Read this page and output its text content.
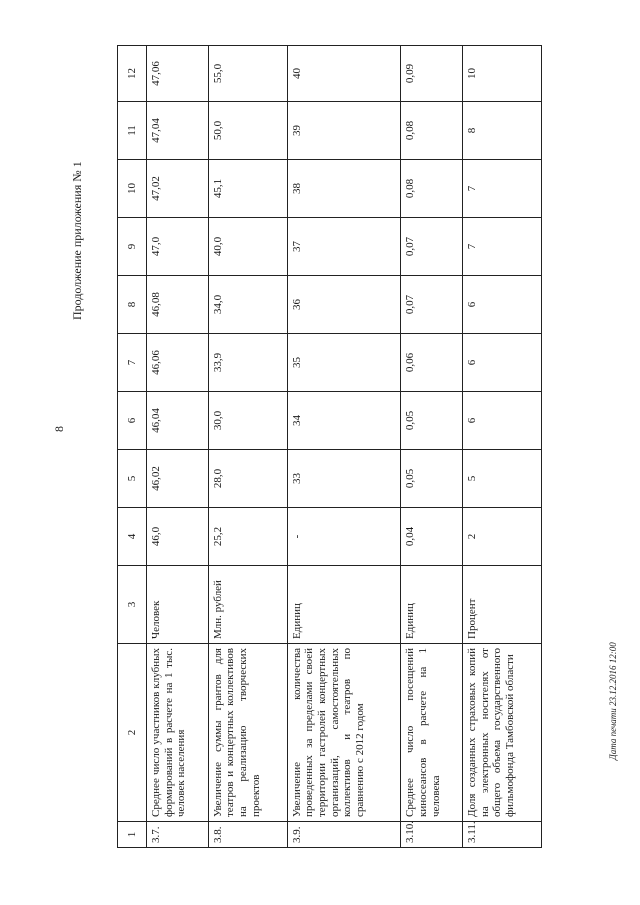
8
Продолжение приложения № 1
Дата печати 23.12.2016 12:00
1	2	3	4	5	6	7	8	9	10	11	12
3.7.	Среднее число участников клубных формирований в расчете на 1 тыс. человек населения	Человек	46,0	46,02	46,04	46,06	46,08	47,0	47,02	47,04	47,06
3.8.	Увеличение суммы грантов для театров и концертных коллективов на реализацию творческих проектов	Млн. рублей	25,2	28,0	30,0	33,9	34,0	40,0	45,1	50,0	55,0
3.9.	Увеличение количества проведенных за пределами своей территории гастролей концертных организаций, самостоятельных коллективов и театров по сравнению с 2012 годом	Единиц	-	33	34	35	36	37	38	39	40
3.10.	Среднее число посещений киносеансов в расчете на 1 человека	Единиц	0,04	0,05	0,05	0,06	0,07	0,07	0,08	0,08	0,09
3.11.	Доля созданных страховых копий на электронных носителях от общего объема государственного фильмофонда Тамбовской области	Процент	2	5	6	6	6	7	7	8	10
